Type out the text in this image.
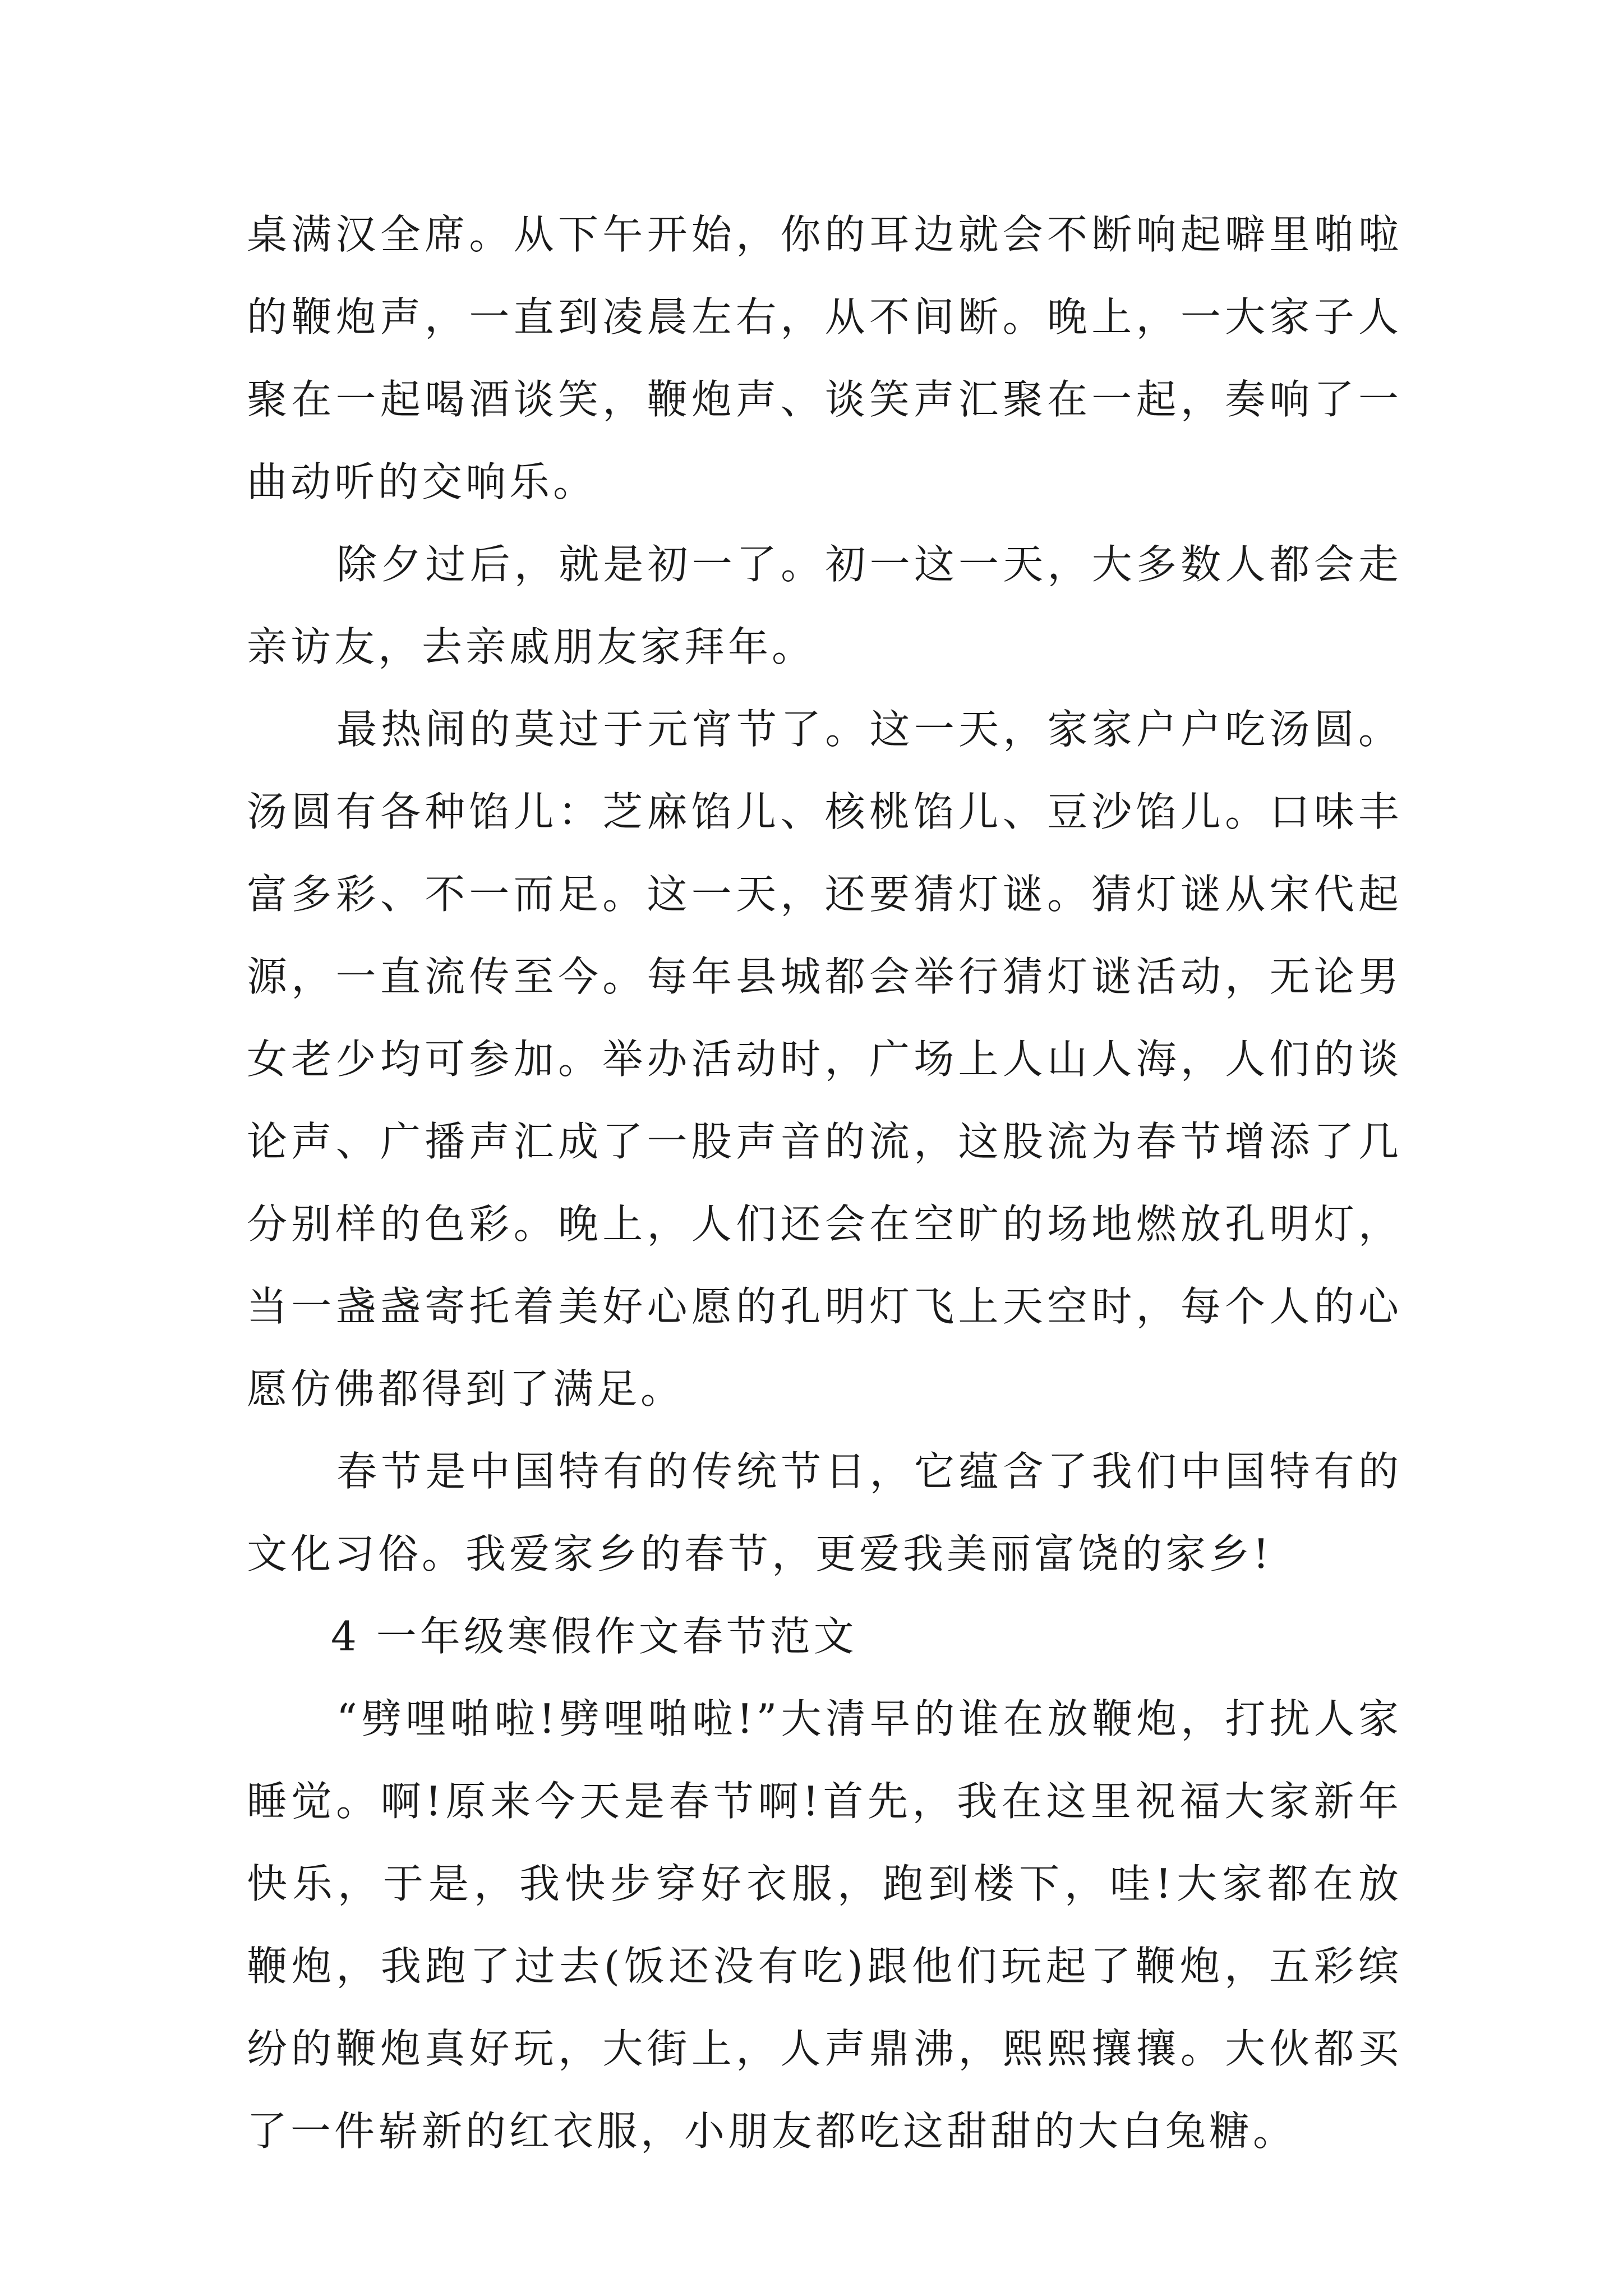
桌满汉全席。从下午开始，你的耳边就会不断响起噼里啪啦的鞭炮声，一直到凌晨左右，从不间断。晚上，一大家子人聚在一起喝酒谈笑，鞭炮声、谈笑声汇聚在一起，奏响了一曲动听的交响乐。

除夕过后，就是初一了。初一这一天，大多数人都会走亲访友，去亲戚朋友家拜年。

最热闹的莫过于元宵节了。这一天，家家户户吃汤圆。汤圆有各种馅儿：芝麻馅儿、核桃馅儿、豆沙馅儿。口味丰富多彩、不一而足。这一天，还要猜灯谜。猜灯谜从宋代起源，一直流传至今。每年县城都会举行猜灯谜活动，无论男女老少均可参加。举办活动时，广场上人山人海，人们的谈论声、广播声汇成了一股声音的流，这股流为春节增添了几分别样的色彩。晚上，人们还会在空旷的场地燃放孔明灯，当一盏盏寄托着美好心愿的孔明灯飞上天空时，每个人的心愿仿佛都得到了满足。

春节是中国特有的传统节日，它蕴含了我们中国特有的文化习俗。我爱家乡的春节，更爱我美丽富饶的家乡!

4 一年级寒假作文春节范文

“劈哩啪啦!劈哩啪啦!”大清早的谁在放鞭炮，打扰人家睡觉。啊!原来今天是春节啊!首先，我在这里祝福大家新年快乐，于是，我快步穿好衣服，跑到楼下，哇!大家都在放鞭炮，我跑了过去(饭还没有吃)跟他们玩起了鞭炮，五彩缤纷的鞭炮真好玩，大街上，人声鼎沸，熙熙攘攘。大伙都买了一件崭新的红衣服，小朋友都吃这甜甜的大白兔糖。
